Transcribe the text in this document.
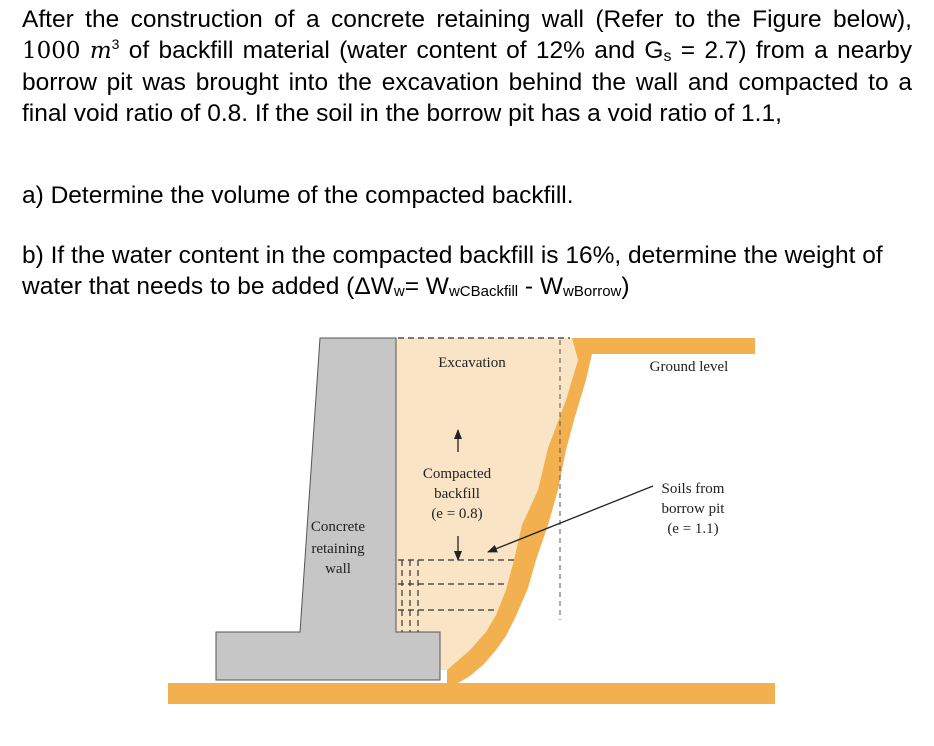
After the construction of a concrete retaining wall (Refer to the Figure below), 1000 $m^3$ of backfill material (water content of 12% and Gs = 2.7) from a nearby borrow pit was brought into the excavation behind the wall and compacted to a final void ratio of 0.8. If the soil in the borrow pit has a void ratio of 1.1,

a) Determine the volume of the compacted backfill.

b) If the water content in the compacted backfill is 16%, determine the weight of water that needs to be added (ΔWw= WwCBackfill - WwBorrow)

Excavation	Ground level
Compacted
backfill
(e = 0.8)
Soils from
borrow pit
(e = 1.1)
Concrete
retaining
wall
